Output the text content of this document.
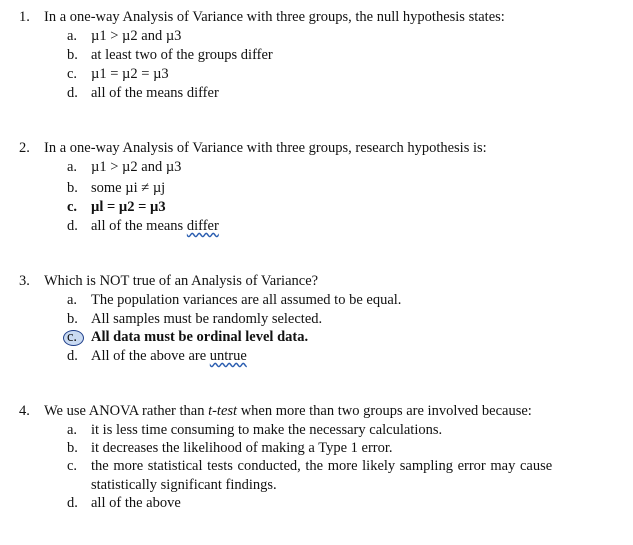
1. In a one-way Analysis of Variance with three groups, the null hypothesis states:
a. µ1 > µ2 and µ3
b. at least two of the groups differ
c. µ1 = µ2 = µ3
d. all of the means differ
2. In a one-way Analysis of Variance with three groups, research hypothesis is:
a. µ1 > µ2 and µ3
b. some µi ≠ µj
c. µl = µ2 = µ3
d. all of the means differ
3. Which is NOT true of an Analysis of Variance?
a. The population variances are all assumed to be equal.
b. All samples must be randomly selected.
c. All data must be ordinal level data.
d. All of the above are untrue
4. We use ANOVA rather than t-test when more than two groups are involved because:
a. it is less time consuming to make the necessary calculations.
b. it decreases the likelihood of making a Type 1 error.
c. the more statistical tests conducted, the more likely sampling error may cause
statistically significant findings.
d. all of the above
